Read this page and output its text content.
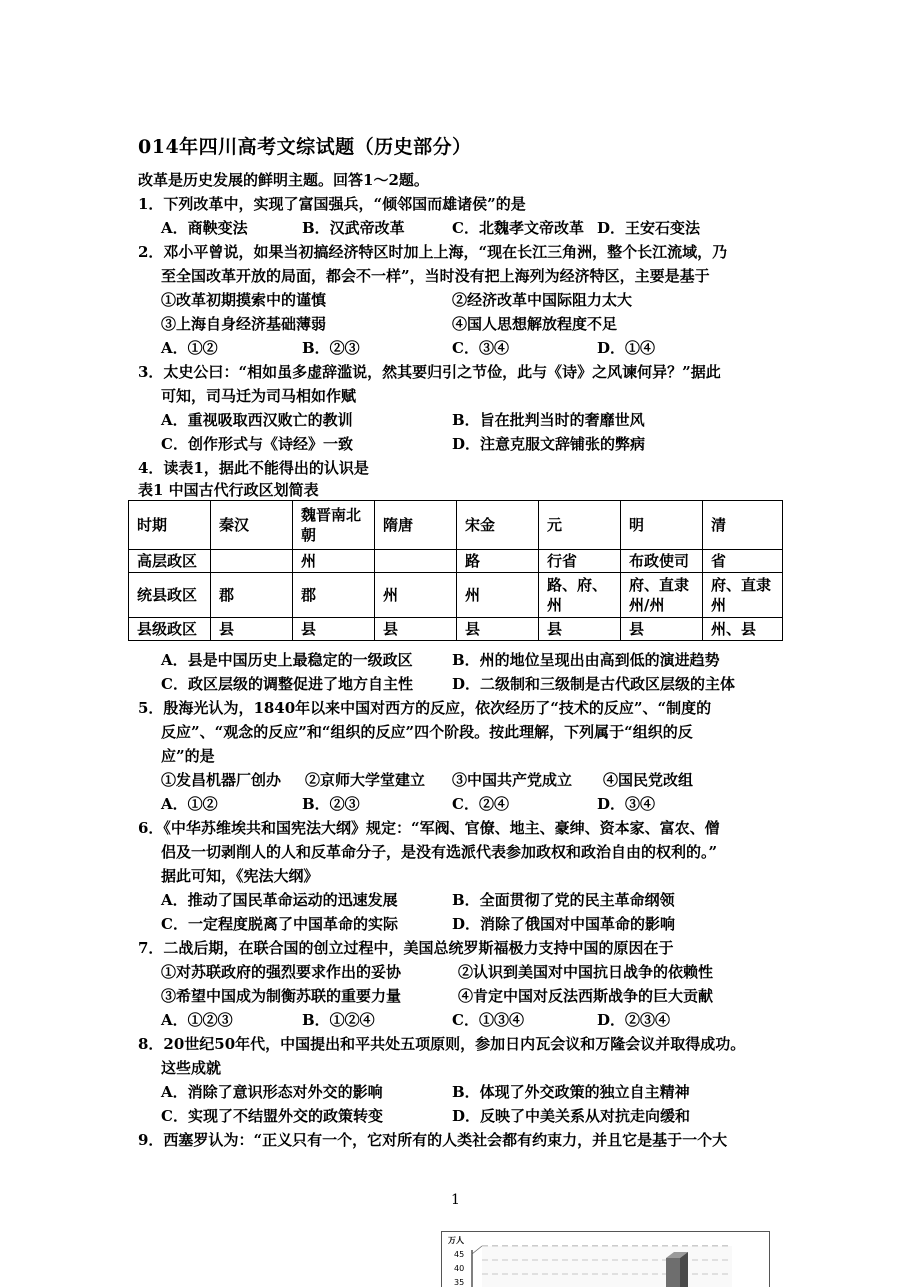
014年四川高考文综试题（历史部分）
改革是历史发展的鲜明主题。回答1～2题。
1．下列改革中，实现了富国强兵，“倾邻国而雄诸侯”的是
A．商鞅变法	B．汉武帝改革	C．北魏孝文帝改革 D．王安石变法
2．邓小平曾说，如果当初搞经济特区时加上上海，“现在长江三角洲，整个长江流域，乃
至全国改革开放的局面，都会不一样”，当时没有把上海列为经济特区，主要是基于
①改革初期摸索中的谨慎	②经济改革中国际阻力太大
③上海自身经济基础薄弱	④国人思想解放程度不足
A．①②	B．②③	C．③④	D．①④
3．太史公曰：“相如虽多虚辞滥说，然其要归引之节俭，此与《诗》之风谏何异？”据此
可知，司马迁为司马相如作赋
A．重视吸取西汉败亡的教训	B．旨在批判当时的奢靡世风
C．创作形式与《诗经》一致	D．注意克服文辞铺张的弊病
4．读表1，据此不能得出的认识是
表1 中国古代行政区划简表
时期	秦汉	魏晋南北朝	隋唐	宋金	元	明	清
高层政区		州		路	行省	布政使司	省
统县政区	郡	郡	州	州	路、府、州	府、直隶州/州	府、直隶州
县级政区	县	县	县	县	县	县	州、县
A．县是中国历史上最稳定的一级政区	B．州的地位呈现出由高到低的演进趋势
C．政区层级的调整促进了地方自主性	D．二级制和三级制是古代政区层级的主体
5．殷海光认为，1840年以来中国对西方的反应，依次经历了“技术的反应”、“制度的
反应”、“观念的反应”和“组织的反应”四个阶段。按此理解，下列属于“组织的反
应”的是
①发昌机器厂创办 ②京师大学堂建立 ③中国共产党成立 ④国民党改组
A．①②	B．②③	C．②④	D．③④
6．《中华苏维埃共和国宪法大纲》规定：“军阀、官僚、地主、豪绅、资本家、富农、僧
侣及一切剥削人的人和反革命分子，是没有选派代表参加政权和政治自由的权利的。”
据此可知，《宪法大纲》
A．推动了国民革命运动的迅速发展	B．全面贯彻了党的民主革命纲领
C．一定程度脱离了中国革命的实际	D．消除了俄国对中国革命的影响
7．二战后期，在联合国的创立过程中，美国总统罗斯福极力支持中国的原因在于
①对苏联政府的强烈要求作出的妥协	②认识到美国对中国抗日战争的依赖性
③希望中国成为制衡苏联的重要力量	④肯定中国对反法西斯战争的巨大贡献
A．①②③	B．①②④	C．①③④	D．②③④
8．20世纪50年代，中国提出和平共处五项原则，参加日内瓦会议和万隆会议并取得成功。
这些成就
A．消除了意识形态对外交的影响	B．体现了外交政策的独立自主精神
C．实现了不结盟外交的政策转变	D．反映了中美关系从对抗走向缓和
9．西塞罗认为：“正义只有一个，它对所有的人类社会都有约束力，并且它是基于一个大
1
万人
45
40
35
